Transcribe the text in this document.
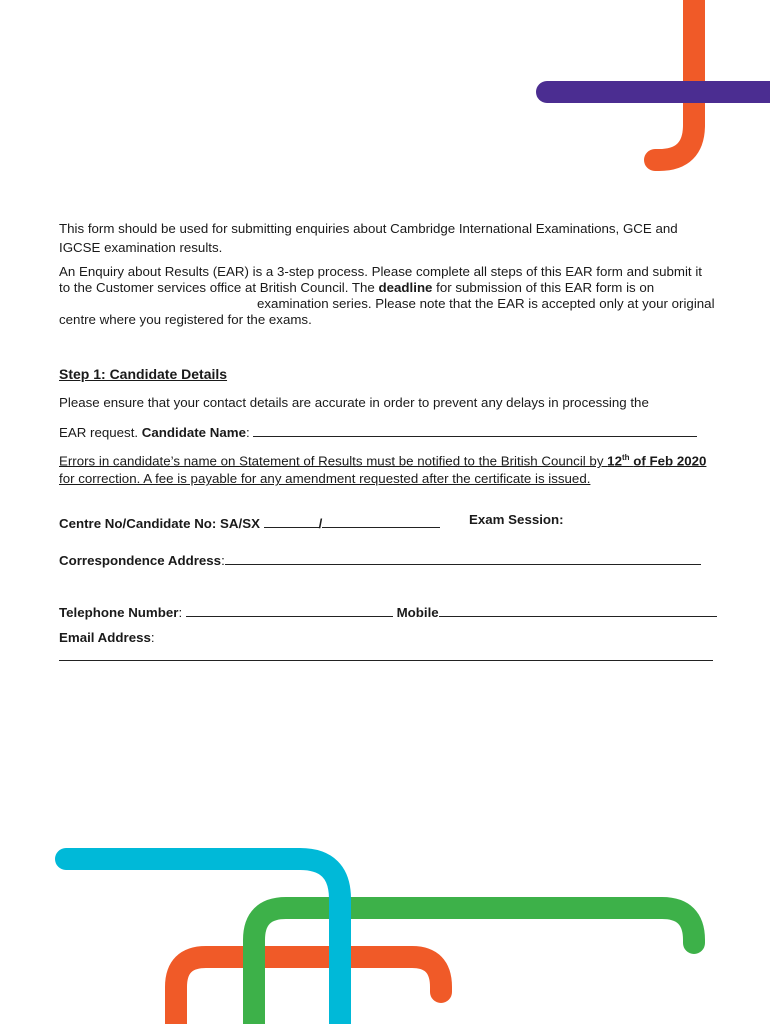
This form should be used for submitting enquiries about Cambridge International Examinations, GCE and IGCSE examination results.

An Enquiry about Results (EAR) is a 3-step process. Please complete all steps of this EAR form and submit it to the Customer services office at British Council. The deadline for submission of this EAR form is onexamination series. Please note that the EAR is accepted only at your original centre where you registered for the exams.

Step 1: Candidate Details

Please ensure that your contact details are accurate in order to prevent any delays in processing the

EAR request. Candidate Name:

Errors in candidate’s name on Statement of Results must be notified to the British Council by 12th of Feb 2020 for correction. A fee is payable for any amendment requested after the certificate is issued.

Centre No/Candidate No: SA/SX	/	Exam Session:
Correspondence Address:
Telephone Number:	Mobile
Email Address:
